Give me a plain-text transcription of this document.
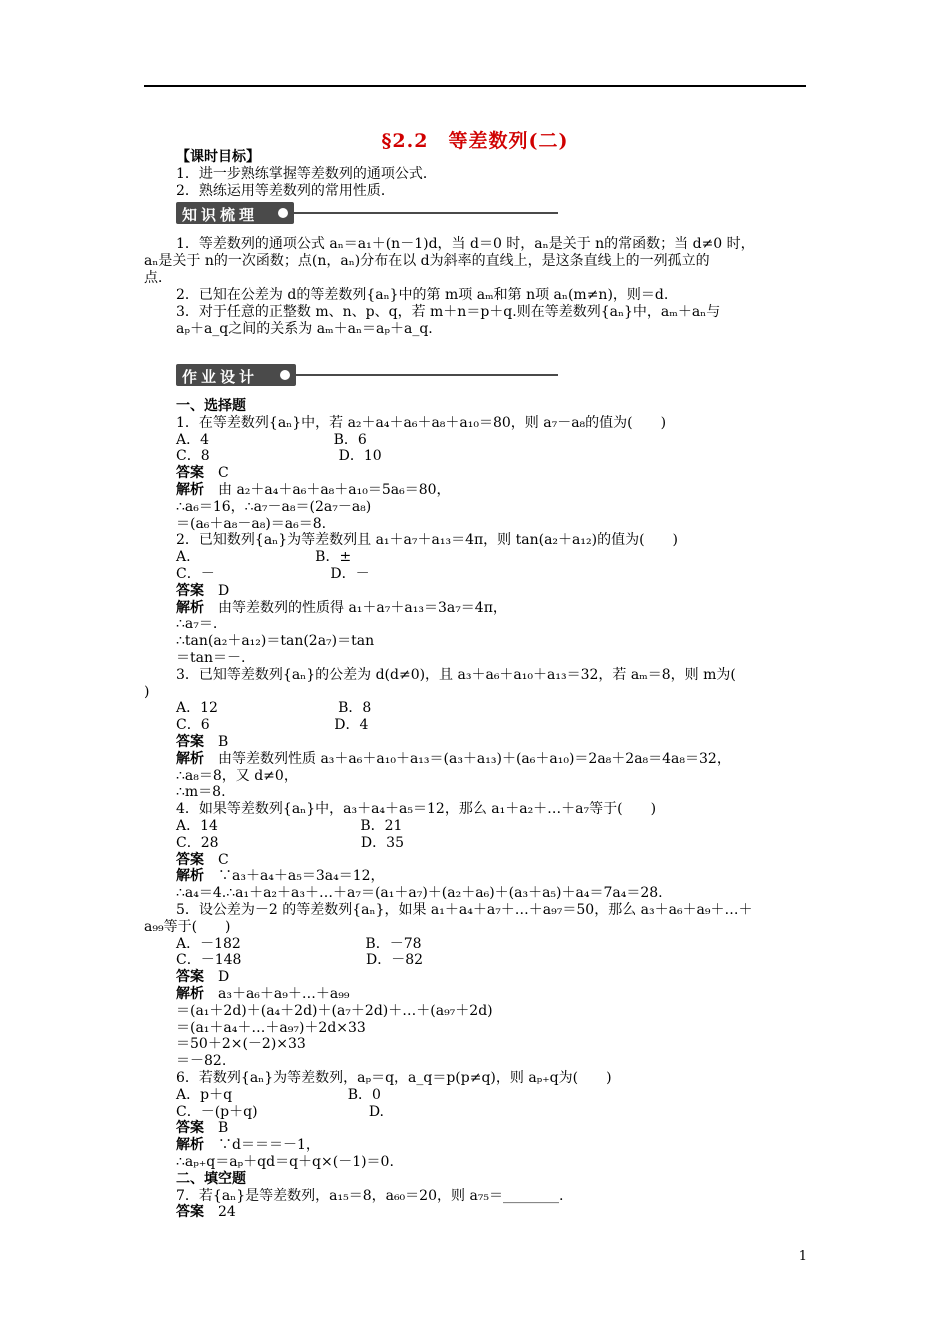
§2.2　等差数列(二)
【课时目标】
1．进一步熟练掌握等差数列的通项公式．
2．熟练运用等差数列的常用性质．
知识梳理
1．等差数列的通项公式 aₙ＝a₁＋(n－1)d，当 d＝0 时，aₙ是关于 n的常函数；当 d≠0 时，
aₙ是关于 n的一次函数；点(n，aₙ)分布在以 d为斜率的直线上，是这条直线上的一列孤立的
点．
2．已知在公差为 d的等差数列{aₙ}中的第 m项 aₘ和第 n项 aₙ(m≠n)，则＝d.
3．对于任意的正整数 m、n、p、q，若 m＋n＝p＋q.则在等差数列{aₙ}中，aₘ＋aₙ与
aₚ＋a_q之间的关系为 aₘ＋aₙ＝aₚ＋a_q.
作业设计
一、选择题
1．在等差数列{aₙ}中，若 a₂＋a₄＋a₆＋a₈＋a₁₀＝80，则 a₇－a₈的值为(　　)
A．4                            B．6
C．8                             D．10
答案　C
解析　由 a₂＋a₄＋a₆＋a₈＋a₁₀＝5a₆＝80，
∴a₆＝16，∴a₇－a₈＝(2a₇－a₈)
＝(a₆＋a₈－a₈)＝a₆＝8.
2．已知数列{aₙ}为等差数列且 a₁＋a₇＋a₁₃＝4π，则 tan(a₂＋a₁₂)的值为(　　)
A.                            B．±
C．－                          D．－
答案　D
解析　由等差数列的性质得 a₁＋a₇＋a₁₃＝3a₇＝4π，
∴a₇＝.
∴tan(a₂＋a₁₂)＝tan(2a₇)＝tan
＝tan＝－.
3．已知等差数列{aₙ}的公差为 d(d≠0)，且 a₃＋a₆＋a₁₀＋a₁₃＝32，若 aₘ＝8，则 m为(
)
A．12                           B．8
C．6                            D．4
答案　B
解析　由等差数列性质 a₃＋a₆＋a₁₀＋a₁₃＝(a₃＋a₁₃)＋(a₆＋a₁₀)＝2a₈＋2a₈＝4a₈＝32，
∴a₈＝8，又 d≠0，
∴m＝8.
4．如果等差数列{aₙ}中，a₃＋a₄＋a₅＝12，那么 a₁＋a₂＋…＋a₇等于(　　)
A．14                                B．21
C．28                                D．35
答案　C
解析　∵a₃＋a₄＋a₅＝3a₄＝12，
∴a₄＝4.∴a₁＋a₂＋a₃＋…＋a₇＝(a₁＋a₇)＋(a₂＋a₆)＋(a₃＋a₅)＋a₄＝7a₄＝28.
5．设公差为－2 的等差数列{aₙ}，如果 a₁＋a₄＋a₇＋…＋a₉₇＝50，那么 a₃＋a₆＋a₉＋…＋
a₉₉等于(　　)
A．－182                            B．－78
C．－148                            D．－82
答案　D
解析　a₃＋a₆＋a₉＋…＋a₉₉
＝(a₁＋2d)＋(a₄＋2d)＋(a₇＋2d)＋…＋(a₉₇＋2d)
＝(a₁＋a₄＋…＋a₉₇)＋2d×33
＝50＋2×(－2)×33
＝－82.
6．若数列{aₙ}为等差数列，aₚ＝q，a_q＝p(p≠q)，则 aₚ₊q为(　　)
A．p＋q                          B．0
C．－(p＋q)                         D.
答案　B
解析　∵d＝＝＝－1，
∴aₚ₊q＝aₚ＋qd＝q＋q×(－1)＝0.
二、填空题
7．若{aₙ}是等差数列，a₁₅＝8，a₆₀＝20，则 a₇₅＝________.
答案　24
1
